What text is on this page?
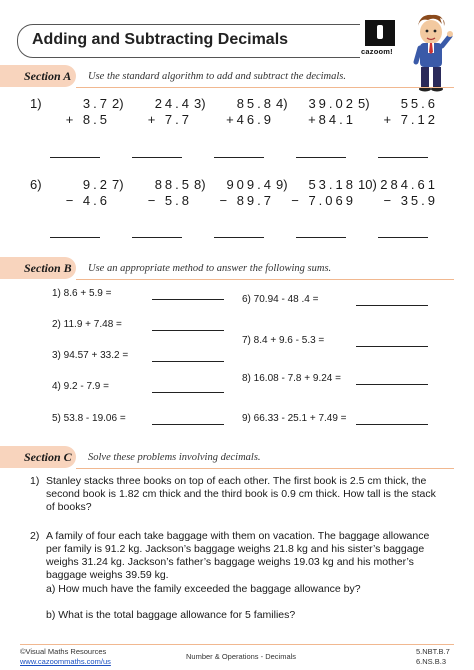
Adding and Subtracting Decimals
cazoom!
Section A Use the standard algorithm to add and subtract the decimals.
1)	3.7
+ 8.5
2) 24.4
+ 7.7
3) 85.8
+46.9
4) 39.02
+84.1
5) 55.6
+ 7.12
6)	9.2
− 4.6
7) 88.5
− 5.8
8) 909.4
− 89.7
9) 53.18
− 7.069
10) 284.61
− 35.9
Section B Use an appropriate method to answer the following sums.
1) 8.6 + 5.9 =
2) 11.9 + 7.48 =
3) 94.57 + 33.2 =
4) 9.2 - 7.9 =
5) 53.8 - 19.06 =
6) 70.94 - 48 .4 =
7) 8.4 + 9.6 - 5.3 =
8) 16.08 - 7.8 + 9.24 =
9) 66.33 - 25.1 + 7.49 =
Section C Solve these problems involving decimals.
1) Stanley stacks three books on top of each other. The first book is 2.5 cm thick, the second book is 1.82 cm thick and the third book is 0.9 cm thick. How tall is the stack of books?
2) A family of four each take baggage with them on vacation. The baggage allowance per family is 91.2 kg. Jackson’s baggage weighs 21.8 kg and his sister’s baggage weighs 31.24 kg. Jackson’s father’s baggage weighs 19.03 kg and his mother’s baggage weighs 39.59 kg.
a) How much have the family exceeded the baggage allowance by?
b) What is the total baggage allowance for 5 families?
©Visual Maths Resources
www.cazoommaths.com/us
Number & Operations - Decimals
5.NBT.B.7
6.NS.B.3
